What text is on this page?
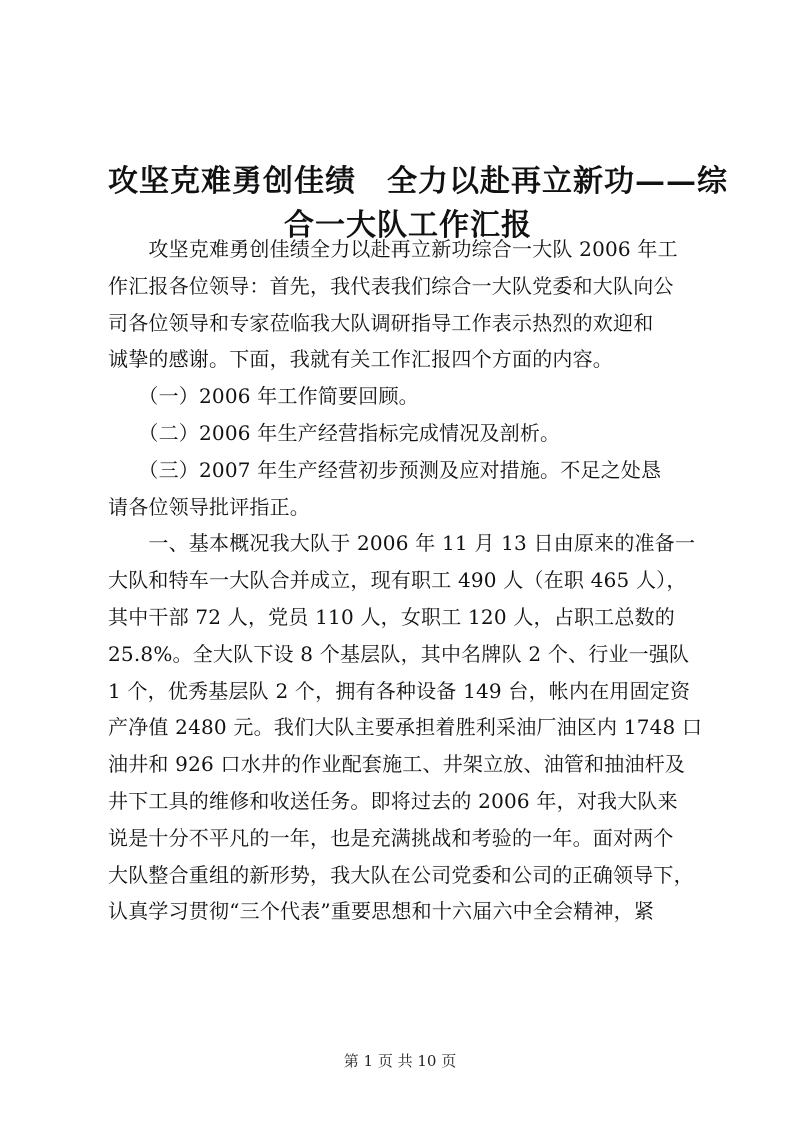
攻坚克难勇创佳绩　全力以赴再立新功——综
合一大队工作汇报
　　攻坚克难勇创佳绩全力以赴再立新功综合一大队 2006 年工
作汇报各位领导：首先，我代表我们综合一大队党委和大队向公
司各位领导和专家莅临我大队调研指导工作表示热烈的欢迎和
诚挚的感谢。下面，我就有关工作汇报四个方面的内容。
　　（一）2006 年工作简要回顾。
　　（二）2006 年生产经营指标完成情况及剖析。
　　（三）2007 年生产经营初步预测及应对措施。不足之处恳
请各位领导批评指正。
　　一、基本概况我大队于 2006 年 11 月 13 日由原来的准备一
大队和特车一大队合并成立，现有职工 490 人（在职 465 人），
其中干部 72 人，党员 110 人，女职工 120 人，占职工总数的
25.8%。全大队下设 8 个基层队，其中名牌队 2 个、行业一强队
1 个，优秀基层队 2 个，拥有各种设备 149 台，帐内在用固定资
产净值 2480 元。我们大队主要承担着胜利采油厂油区内 1748 口
油井和 926 口水井的作业配套施工、井架立放、油管和抽油杆及
井下工具的维修和收送任务。即将过去的 2006 年，对我大队来
说是十分不平凡的一年，也是充满挑战和考验的一年。面对两个
大队整合重组的新形势，我大队在公司党委和公司的正确领导下，
认真学习贯彻“三个代表”重要思想和十六届六中全会精神，紧
第 1 页 共 10 页
